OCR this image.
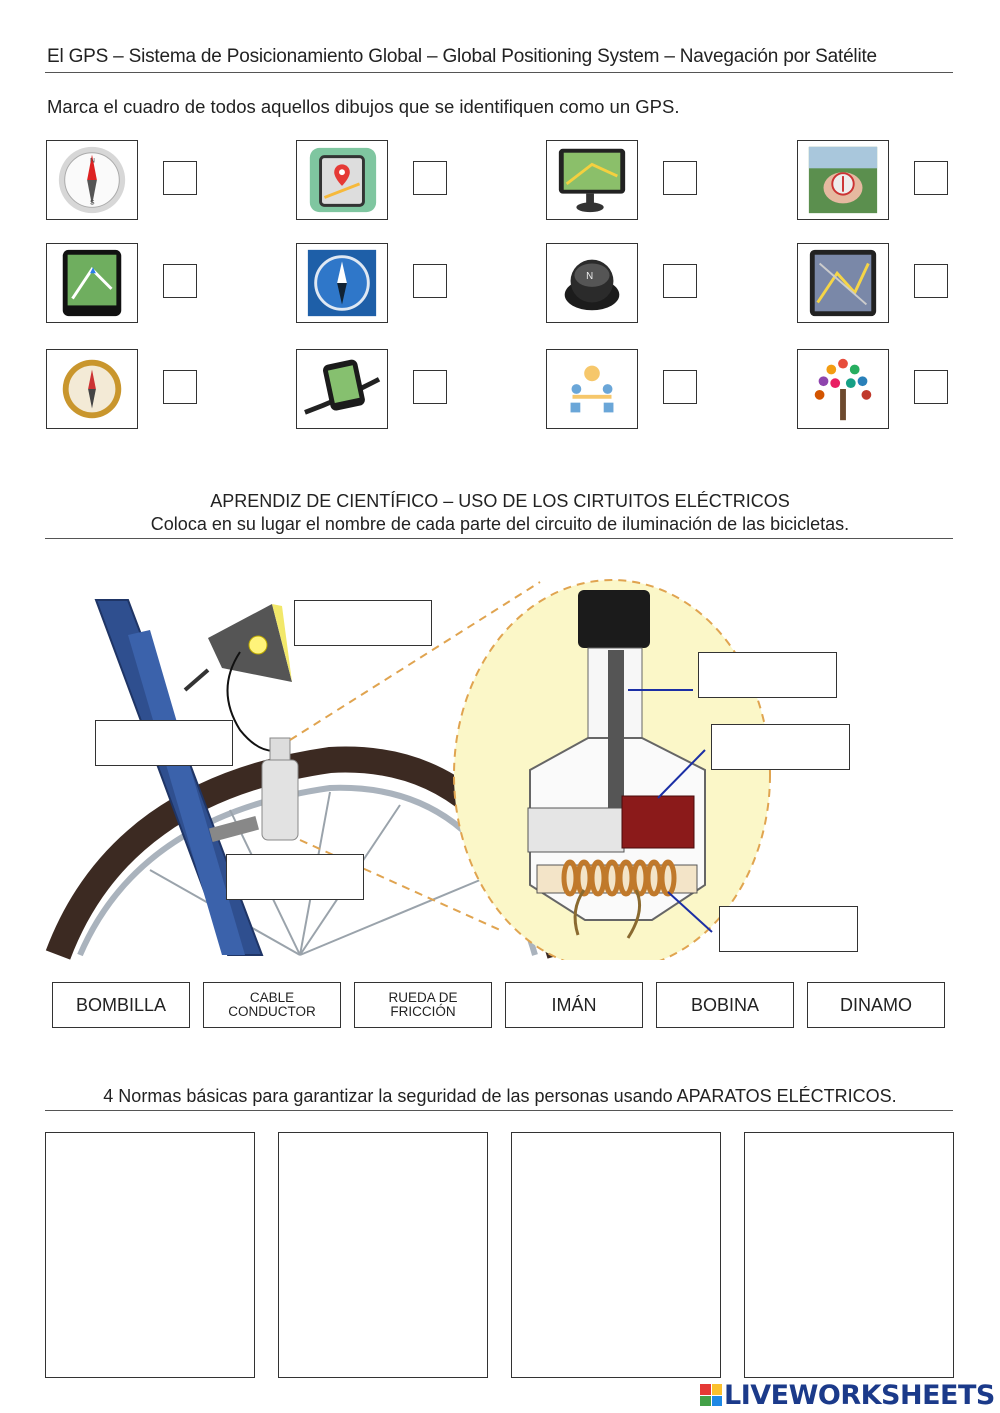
El GPS – Sistema de Posicionamiento Global – Global Positioning System – Navegación por Satélite
Marca el cuadro de todos aquellos dibujos que se identifiquen como un GPS.
N
S
N
APRENDIZ DE CIENTÍFICO – USO DE LOS CIRTUITOS ELÉCTRICOS
Coloca en su lugar el nombre de cada parte del circuito de iluminación de las bicicletas.
BOMBILLA	CABLE
CONDUCTOR
RUEDA DE
FRICCIÓN	IMÁN	BOBINA	DINAMO
4 Normas básicas para garantizar la seguridad de las personas usando APARATOS ELÉCTRICOS.
LIVEWORKSHEETS
